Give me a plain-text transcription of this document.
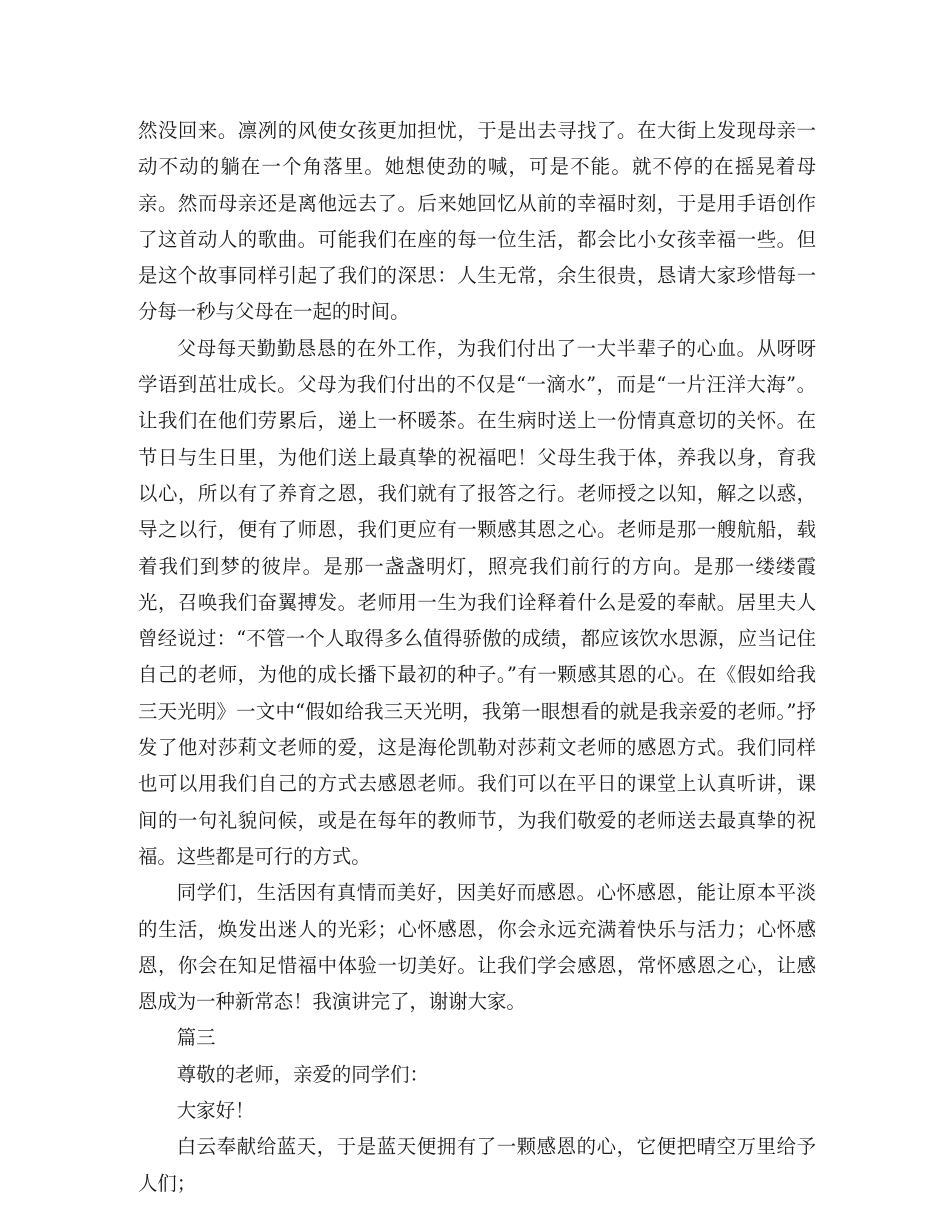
然没回来。凛冽的风使女孩更加担忧，于是出去寻找了。在大街上发现母亲一动不动的躺在一个角落里。她想使劲的喊，可是不能。就不停的在摇晃着母亲。然而母亲还是离他远去了。后来她回忆从前的幸福时刻，于是用手语创作了这首动人的歌曲。可能我们在座的每一位生活，都会比小女孩幸福一些。但是这个故事同样引起了我们的深思：人生无常，余生很贵，恳请大家珍惜每一分每一秒与父母在一起的时间。

父母每天勤勤恳恳的在外工作，为我们付出了一大半辈子的心血。从呀呀学语到茁壮成长。父母为我们付出的不仅是“一滴水”，而是“一片汪洋大海”。让我们在他们劳累后，递上一杯暖茶。在生病时送上一份情真意切的关怀。在节日与生日里，为他们送上最真挚的祝福吧！父母生我于体，养我以身，育我以心，所以有了养育之恩，我们就有了报答之行。老师授之以知，解之以惑，导之以行，便有了师恩，我们更应有一颗感其恩之心。老师是那一艘航船，载着我们到梦的彼岸。是那一盏盏明灯，照亮我们前行的方向。是那一缕缕霞光，召唤我们奋翼搏发。老师用一生为我们诠释着什么是爱的奉献。居里夫人曾经说过：“不管一个人取得多么值得骄傲的成绩，都应该饮水思源，应当记住自己的老师，为他的成长播下最初的种子。”有一颗感其恩的心。在《假如给我三天光明》一文中“假如给我三天光明，我第一眼想看的就是我亲爱的老师。”抒发了他对莎莉文老师的爱，这是海伦凯勒对莎莉文老师的感恩方式。我们同样也可以用我们自己的方式去感恩老师。我们可以在平日的课堂上认真听讲，课间的一句礼貌问候，或是在每年的教师节，为我们敬爱的老师送去最真挚的祝福。这些都是可行的方式。

同学们，生活因有真情而美好，因美好而感恩。心怀感恩，能让原本平淡的生活，焕发出迷人的光彩；心怀感恩，你会永远充满着快乐与活力；心怀感恩，你会在知足惜福中体验一切美好。让我们学会感恩，常怀感恩之心，让感恩成为一种新常态！我演讲完了，谢谢大家。

篇三

尊敬的老师，亲爱的同学们：

大家好！

白云奉献给蓝天，于是蓝天便拥有了一颗感恩的心，它便把晴空万里给予人们；
